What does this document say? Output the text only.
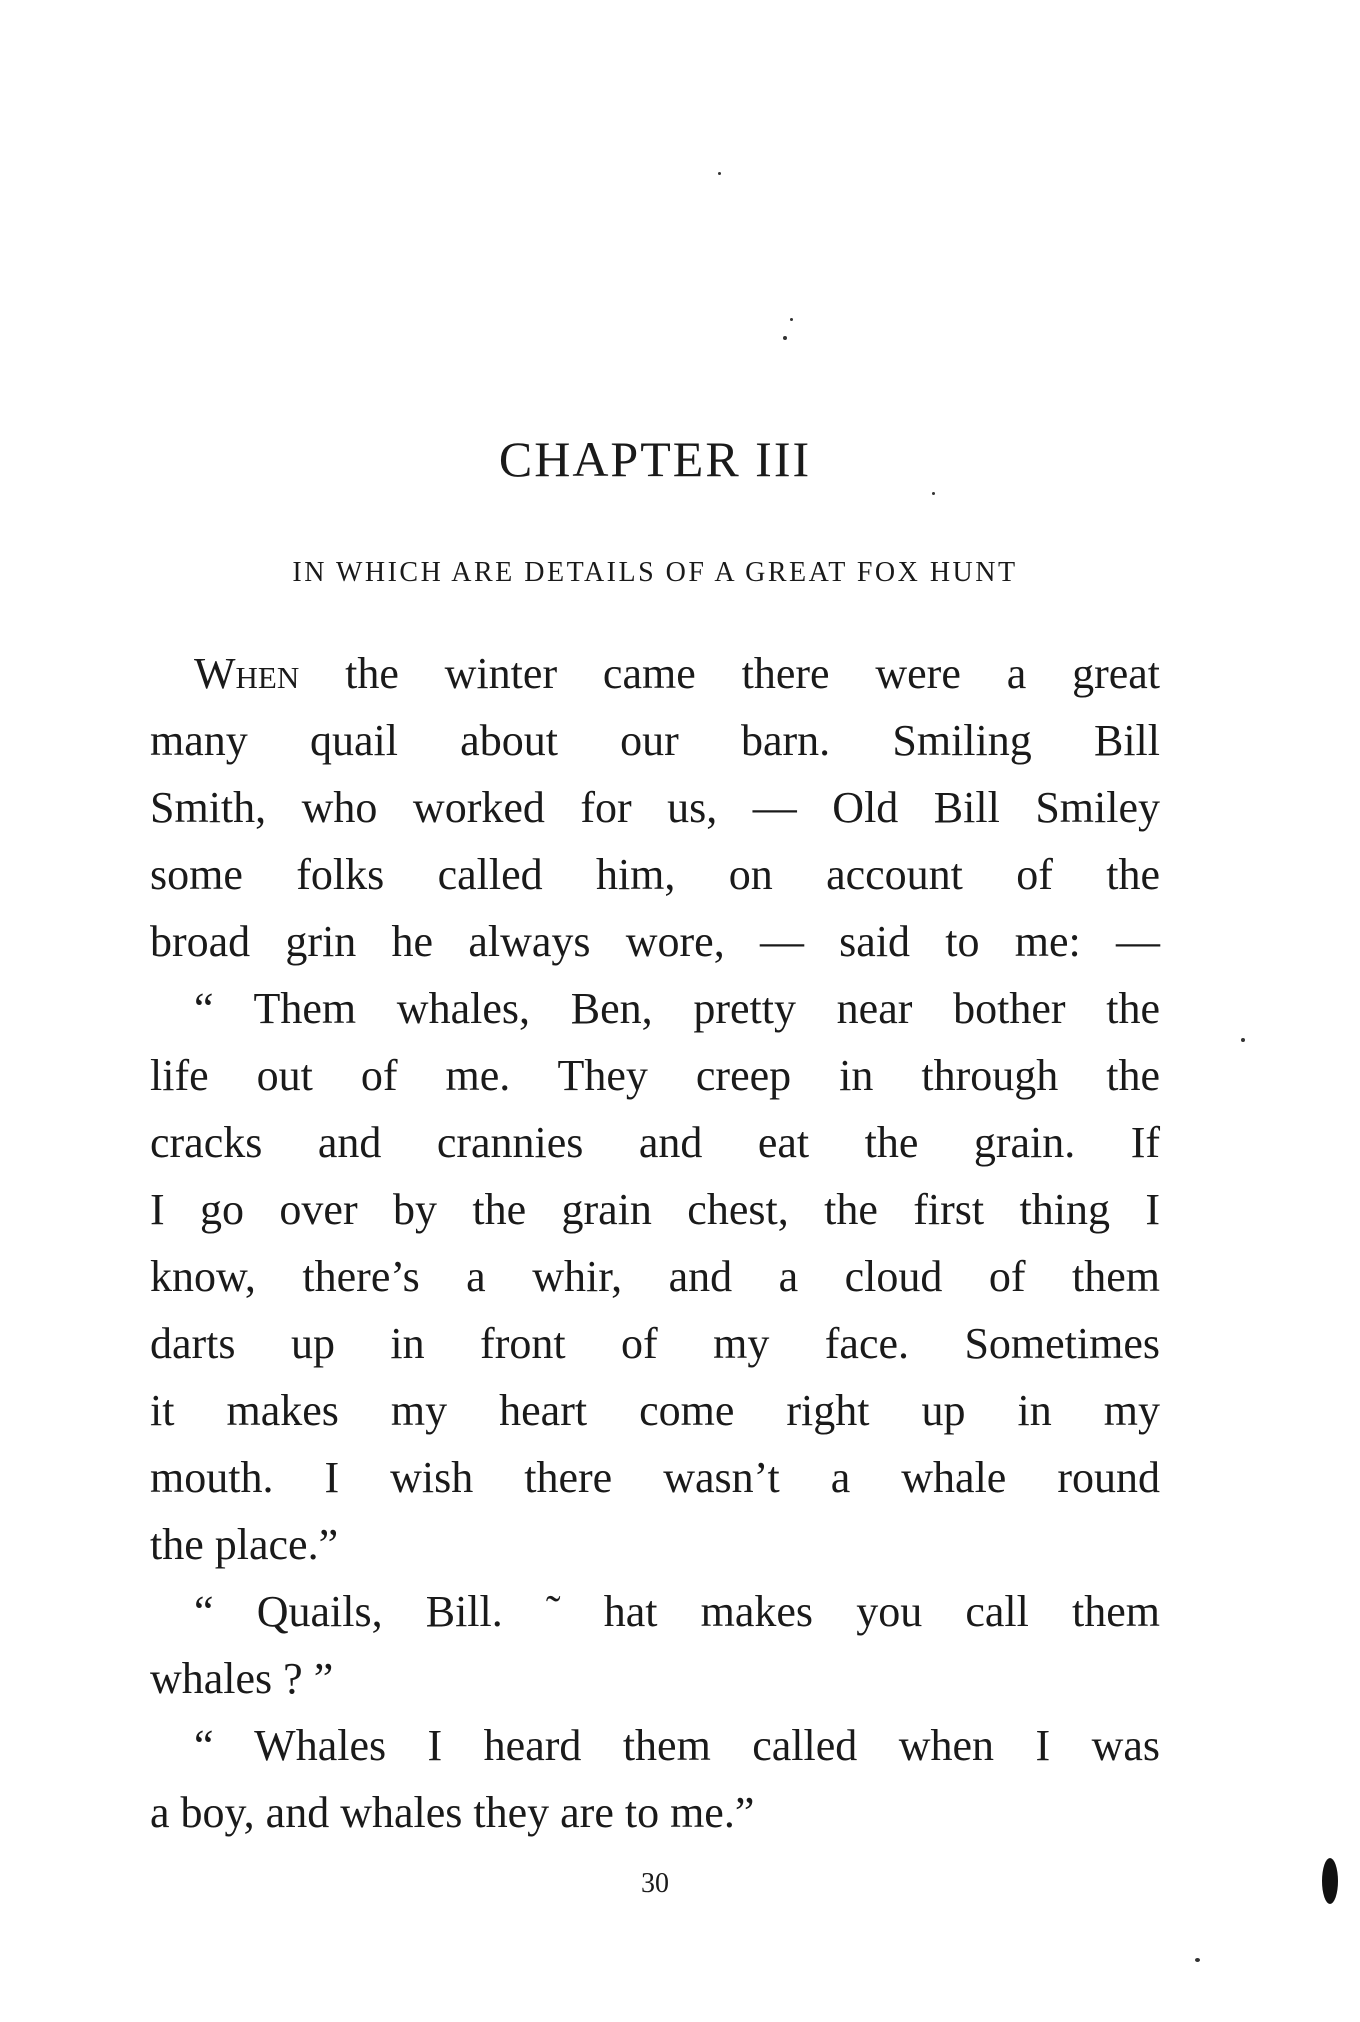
CHAPTER III
IN WHICH ARE DETAILS OF A GREAT FOX HUNT
When the winter came there were a great
many quail about our barn. Smiling Bill
Smith, who worked for us, — Old Bill Smiley
some folks called him, on account of the
broad grin he always wore, — said to me: —
“ Them whales, Ben, pretty near bother the
life out of me. They creep in through the
cracks and crannies and eat the grain. If
I go over by the grain chest, the first thing I
know, there’s a whir, and a cloud of them
darts up in front of my face. Sometimes
it makes my heart come right up in my
mouth. I wish there wasn’t a whale round
the place.”
“ Quails, Bill. ˜ hat makes you call them
whales ? ”
“ Whales I heard them called when I was
a boy, and whales they are to me.”
30
